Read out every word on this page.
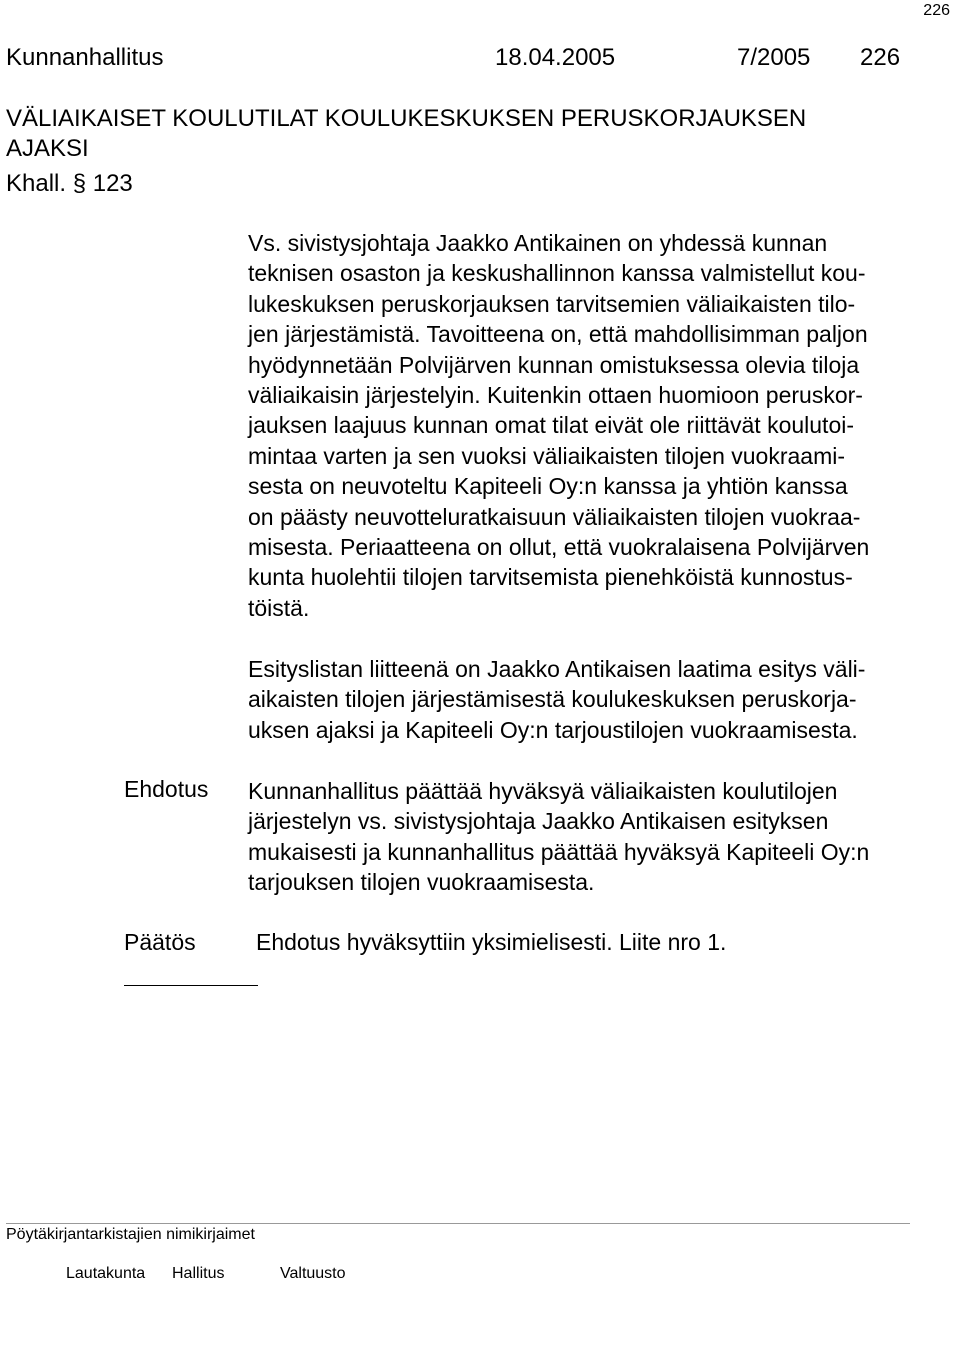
226
Kunnanhallitus	18.04.2005	7/2005 226
VÄLIAIKAISET KOULUTILAT KOULUKESKUKSEN PERUSKORJAUKSEN
AJAKSI
Khall. § 123
Vs. sivistysjohtaja Jaakko Antikainen on yhdessä kunnan
teknisen osaston ja keskushallinnon kanssa valmistellut kou-
lukeskuksen peruskorjauksen tarvitsemien väliaikaisten tilo-
jen järjestämistä. Tavoitteena on, että mahdollisimman paljon
hyödynnetään Polvijärven kunnan omistuksessa olevia tiloja
väliaikaisin järjestelyin. Kuitenkin ottaen huomioon peruskor-
jauksen laajuus kunnan omat tilat eivät ole riittävät koulutoi-
mintaa varten ja sen vuoksi väliaikaisten tilojen vuokraami-
sesta on neuvoteltu Kapiteeli Oy:n kanssa ja yhtiön kanssa
on päästy neuvotteluratkaisuun väliaikaisten tilojen vuokraa-
misesta. Periaatteena on ollut, että vuokralaisena Polvijärven
kunta huolehtii tilojen tarvitsemista pienehköistä kunnostus-
töistä.
Esityslistan liitteenä on Jaakko Antikaisen laatima esitys väli-
aikaisten tilojen järjestämisestä koulukeskuksen peruskorja-
uksen ajaksi ja Kapiteeli Oy:n tarjoustilojen vuokraamisesta.
Ehdotus Kunnanhallitus päättää hyväksyä väliaikaisten koulutilojen
järjestelyn vs. sivistysjohtaja Jaakko Antikaisen esityksen
mukaisesti ja kunnanhallitus päättää hyväksyä Kapiteeli Oy:n
tarjouksen tilojen vuokraamisesta.
Päätös	Ehdotus hyväksyttiin yksimielisesti. Liite nro 1.
Pöytäkirjantarkistajien nimikirjaimet
Lautakunta Hallitus	Valtuusto
